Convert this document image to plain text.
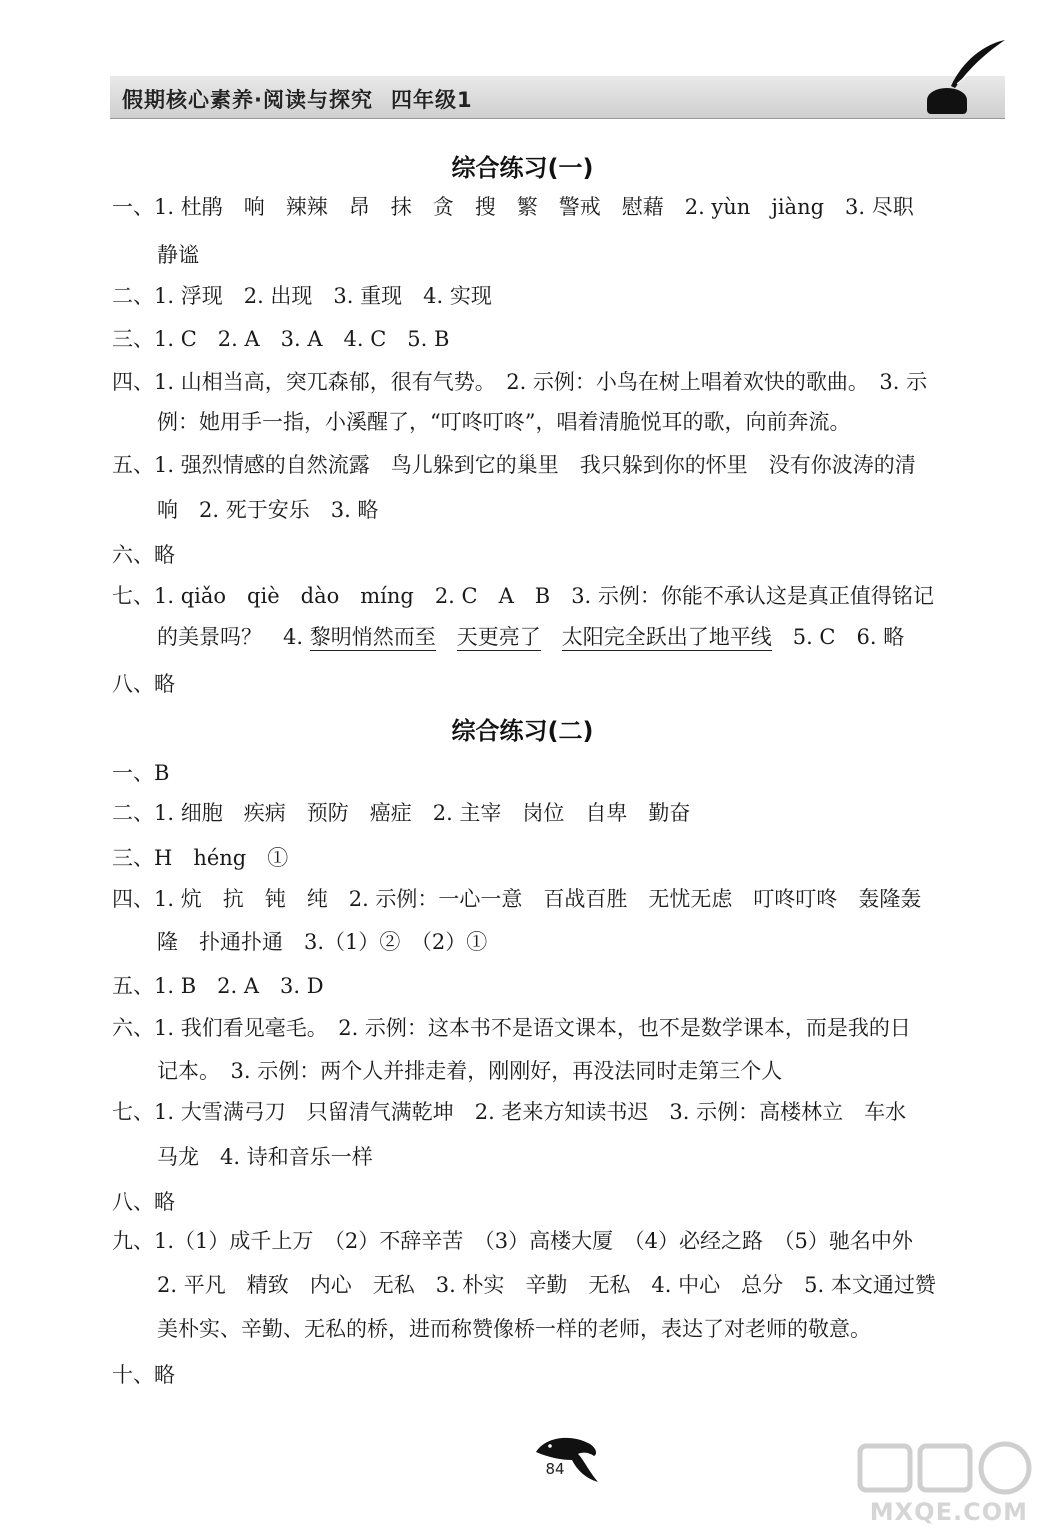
假期核心素养·阅读与探究 四年级1
综合练习(一)
一、1. 杜鹃　响　辣辣　昂　抹　贪　搜　繁　警戒　慰藉　2. yùn　jiàng　3. 尽职
静谧
二、1. 浮现　2. 出现　3. 重现　4. 实现
三、1. C　2. A　3. A　4. C　5. B
四、1. 山相当高，突兀森郁，很有气势。　2. 示例：小鸟在树上唱着欢快的歌曲。　3. 示
例：她用手一指，小溪醒了，“叮咚叮咚”，唱着清脆悦耳的歌，向前奔流。
五、1. 强烈情感的自然流露　鸟儿躲到它的巢里　我只躲到你的怀里　没有你波涛的清
响　2. 死于安乐　3. 略
六、略
七、1. qiǎo　qiè　dào　míng　2. C　A　B　3. 示例：你能不承认这是真正值得铭记
的美景吗？　4. 黎明悄然而至　 天更亮了　 太阳完全跃出了地平线　5. C　6. 略
八、略
综合练习(二)
一、B
二、1. 细胞　疾病　预防　癌症　2. 主宰　岗位　自卑　勤奋
三、H　héng　①
四、1. 炕　抗　钝　纯　2. 示例：一心一意　百战百胜　无忧无虑　叮咚叮咚　轰隆轰
隆　扑通扑通　3.（1）②　（2）①
五、1. B　2. A　3. D
六、1. 我们看见毫毛。　2. 示例：这本书不是语文课本，也不是数学课本，而是我的日
记本。　3. 示例：两个人并排走着，刚刚好，再没法同时走第三个人
七、1. 大雪满弓刀　只留清气满乾坤　2. 老来方知读书迟　3. 示例：高楼林立　车水
马龙　4. 诗和音乐一样
八、略
九、1.（1）成千上万　（2）不辞辛苦　（3）高楼大厦　（4）必经之路　（5）驰名中外
2. 平凡　精致　内心　无私　3. 朴实　辛勤　无私　4. 中心　总分　5. 本文通过赞
美朴实、辛勤、无私的桥，进而称赞像桥一样的老师，表达了对老师的敬意。
十、略
84
MXQE.COM
